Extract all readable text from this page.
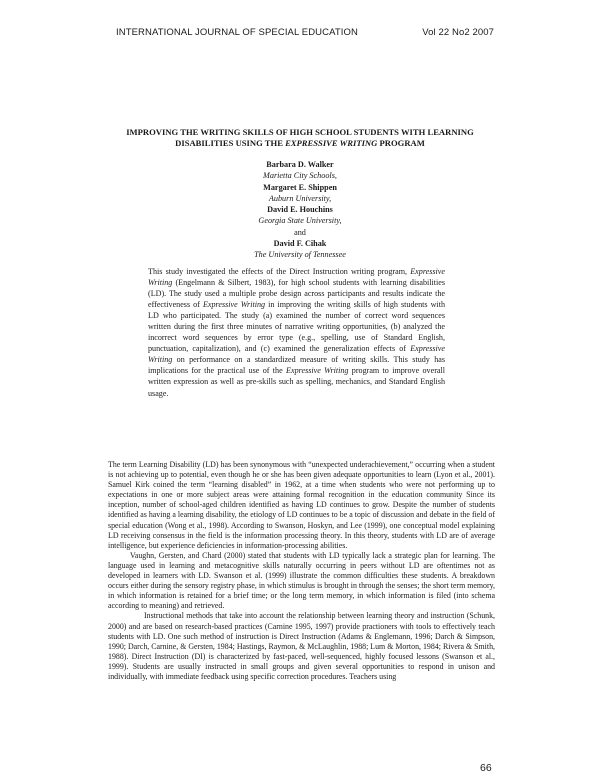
INTERNATIONAL JOURNAL OF SPECIAL EDUCATION	Vol 22 No2 2007
IMPROVING THE WRITING SKILLS OF HIGH SCHOOL STUDENTS WITH LEARNING
DISABILITIES USING THE EXPRESSIVE WRITING PROGRAM
Barbara D. Walker
Marietta City Schools,
Margaret E. Shippen
Auburn University,
David E. Houchins
Georgia State University,
and
David F. Cihak
The University of Tennessee
This study investigated the effects of the Direct Instruction writing program, Expressive Writing (Engelmann & Silbert, 1983), for high school students with learning disabilities (LD). The study used a multiple probe design across participants and results indicate the effectiveness of Expressive Writing in improving the writing skills of high students with LD who participated. The study (a) examined the number of correct word sequences written during the first three minutes of narrative writing opportunities, (b) analyzed the incorrect word sequences by error type (e.g., spelling, use of Standard English, punctuation, capitalization), and (c) examined the generalization effects of Expressive Writing on performance on a standardized measure of writing skills. This study has implications for the practical use of the Expressive Writing program to improve overall written expression as well as pre-skills such as spelling, mechanics, and Standard English usage.

The term Learning Disability (LD) has been synonymous with “unexpected underachievement,” occurring when a student is not achieving up to potential, even though he or she has been given adequate opportunities to learn (Lyon et al., 2001). Samuel Kirk coined the term “learning disabled” in 1962, at a time when students who were not performing up to expectations in one or more subject areas were attaining formal recognition in the education community Since its inception, number of school-aged children identified as having LD continues to grow. Despite the number of students identified as having a learning disability, the etiology of LD continues to be a topic of discussion and debate in the field of special education (Wong et al., 1998). According to Swanson, Hoskyn, and Lee (1999), one conceptual model explaining LD receiving consensus in the field is the information processing theory. In this theory, students with LD are of average intelligence, but experience deficiencies in information-processing abilities.

Vaughn, Gersten, and Chard (2000) stated that students with LD typically lack a strategic plan for learning. The language used in learning and metacognitive skills naturally occurring in peers without LD are oftentimes not as developed in learners with LD. Swanson et al. (1999) illustrate the common difficulties these students. A breakdown occurs either during the sensory registry phase, in which stimulus is brought in through the senses; the short term memory, in which information is retained for a brief time; or the long term memory, in which information is filed (into schema according to meaning) and retrieved.

Instructional methods that take into account the relationship between learning theory and instruction (Schunk, 2000) and are based on research-based practices (Carnine 1995, 1997) provide practioners with tools to effectively teach students with LD. One such method of instruction is Direct Instruction (Adams & Englemann, 1996; Darch & Simpson, 1990; Darch, Carnine, & Gersten, 1984; Hastings, Raymon, & McLaughlin, 1988; Lum & Morton, 1984; Rivera & Smith, 1988). Direct Instruction (DI) is characterized by fast-paced, well-sequenced, highly focused lessons (Swanson et al., 1999). Students are usually instructed in small groups and given several opportunities to respond in unison and individually, with immediate feedback using specific correction procedures. Teachers using

66
